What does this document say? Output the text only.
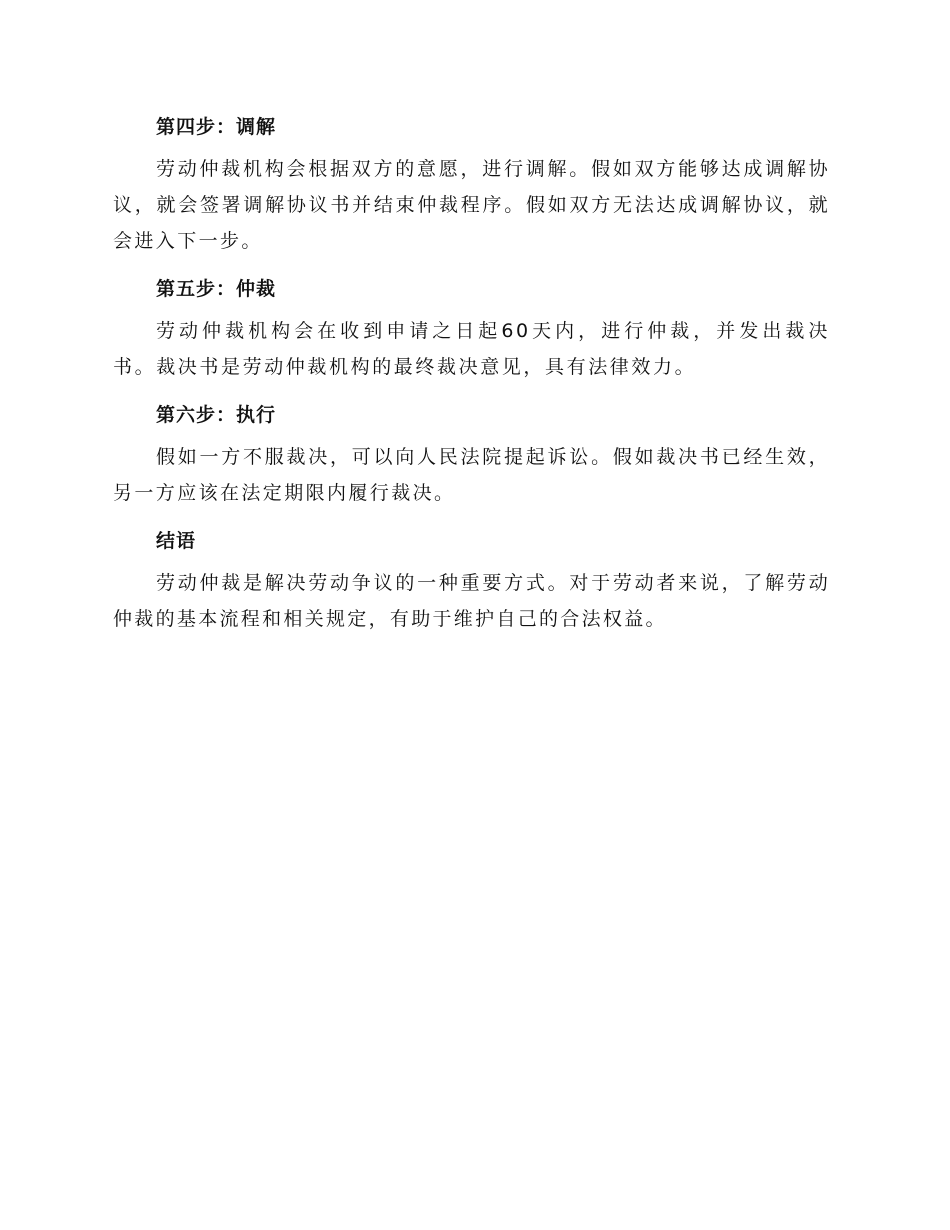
第四步：调解
劳动仲裁机构会根据双方的意愿，进行调解。假如双方能够达成调解协议，就会签署调解协议书并结束仲裁程序。假如双方无法达成调解协议，就会进入下一步。
第五步：仲裁
劳动仲裁机构会在收到申请之日起60天内，进行仲裁，并发出裁决书。裁决书是劳动仲裁机构的最终裁决意见，具有法律效力。
第六步：执行
假如一方不服裁决，可以向人民法院提起诉讼。假如裁决书已经生效，另一方应该在法定期限内履行裁决。
结语
劳动仲裁是解决劳动争议的一种重要方式。对于劳动者来说，了解劳动仲裁的基本流程和相关规定，有助于维护自己的合法权益。
